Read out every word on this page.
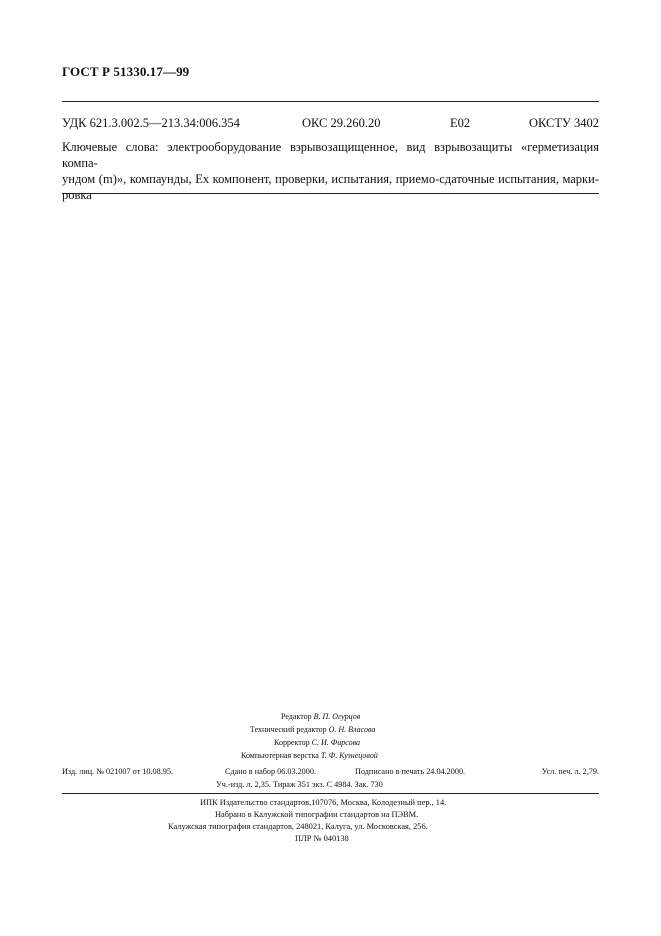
ГОСТ Р 51330.17—99
УДК 621.3.002.5—213.34:006.354	ОКС 29.260.20	E02	ОКСТУ 3402
Ключевые слова: электрооборудование взрывозащищенное, вид взрывозащиты «герметизация компа-
ундом (m)», компаунды, Ex компонент, проверки, испытания, приемо-сдаточные испытания, марки-
ровка
Редактор В. П. Огурцов
Технический редактор О. Н. Власова
Корректор С. И. Фирсова
Компьютерная верстка Т. Ф. Кузнецовой
Изд. лиц. № 021007 от 10.08.95.	Сдано в набор 06.03.2000.	Подписано в печать 24.04.2000.	Усл. печ. л. 2,79.
Уч.-изд. л. 2,35. Тираж 351 экз. С 4984. Зак. 730
ИПК Издательство стандартов,107076, Москва, Колодезный пер., 14.
Набрано в Калужской типографии стандартов на ПЭВМ.
Калужская типография стандартов, 248021, Калуга, ул. Московская, 256.
ПЛР № 040138
